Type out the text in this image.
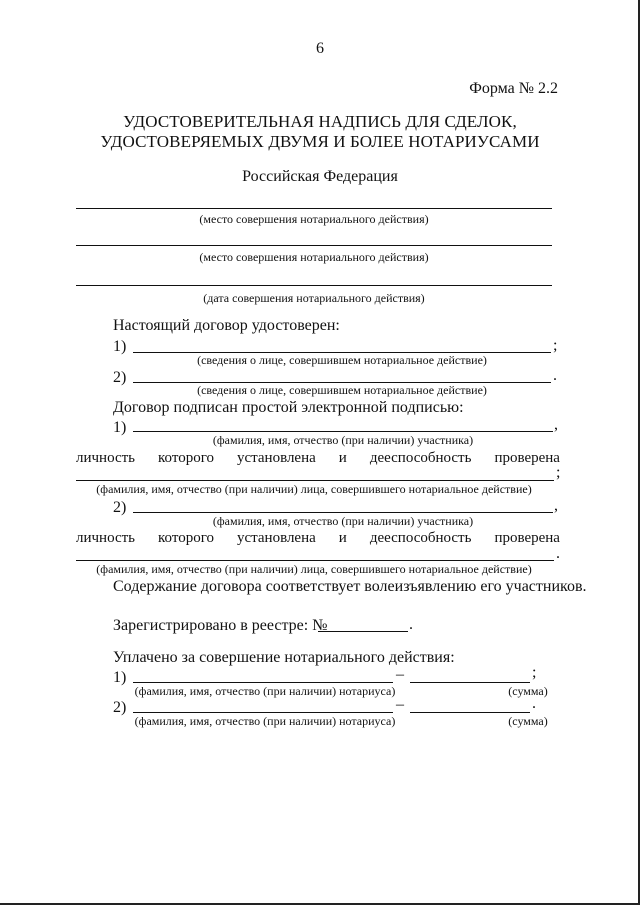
6
Форма № 2.2
УДОСТОВЕРИТЕЛЬНАЯ НАДПИСЬ ДЛЯ СДЕЛОК,
УДОСТОВЕРЯЕМЫХ ДВУМЯ И БОЛЕЕ НОТАРИУСАМИ
Российская Федерация
(место совершения нотариального действия)
(место совершения нотариального действия)
(дата совершения нотариального действия)
Настоящий договор удостоверен:
1)	;
(сведения о лице, совершившем нотариальное действие)
2)	.
(сведения о лице, совершившем нотариальное действие)
Договор подписан простой электронной подписью:
1)	,
(фамилия, имя, отчество (при наличии) участника)
личность которого установлена и дееспособность проверена
;
(фамилия, имя, отчество (при наличии) лица, совершившего нотариальное действие)
2)	,
(фамилия, имя, отчество (при наличии) участника)
личность которого установлена и дееспособность проверена
.
(фамилия, имя, отчество (при наличии) лица, совершившего нотариальное действие)
Содержание договора соответствует волеизъявлению его участников.
Зарегистрировано в реестре: №	.
Уплачено за совершение нотариального действия:
1)	–	;
(фамилия, имя, отчество (при наличии) нотариуса)	(сумма)
2)	–	.
(фамилия, имя, отчество (при наличии) нотариуса)	(сумма)
